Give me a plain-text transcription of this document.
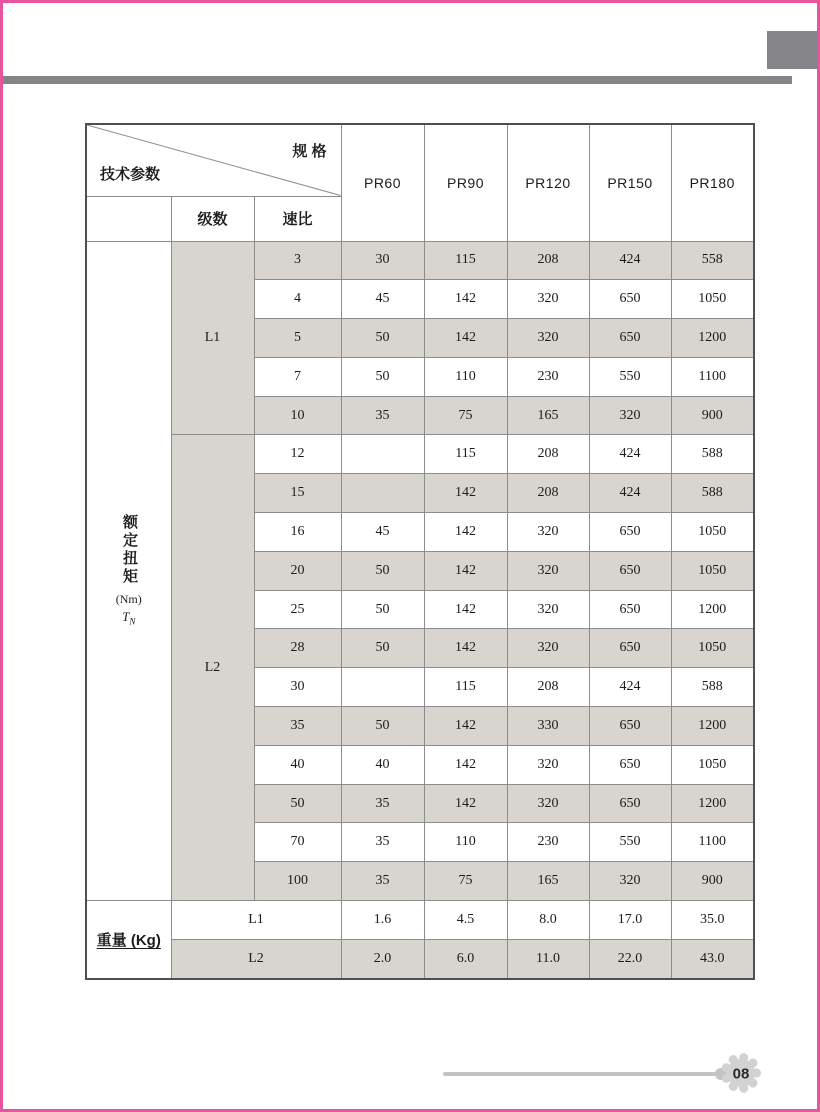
规 格
技术参数			PR60	PR90	PR120	PR150	PR180
	级数	速比					

额定扭矩
(Nm)
$T_N$	L1	3	30	115	208	424	558
		4	45	142	320	650	1050
		5	50	142	320	650	1200
		7	50	110	230	550	1100
		10	35	75	165	320	900
	L2	12		115	208	424	588
		15		142	208	424	588
		16	45	142	320	650	1050
		20	50	142	320	650	1050
		25	50	142	320	650	1200
		28	50	142	320	650	1050
		30		115	208	424	588
		35	50	142	330	650	1200
		40	40	142	320	650	1050
		50	35	142	320	650	1200
		70	35	110	230	550	1100
		100	35	75	165	320	900
重量 (Kg)	L1		1.6	4.5	8.0	17.0	35.0
	L2		2.0	6.0	11.0	22.0	43.0
08
